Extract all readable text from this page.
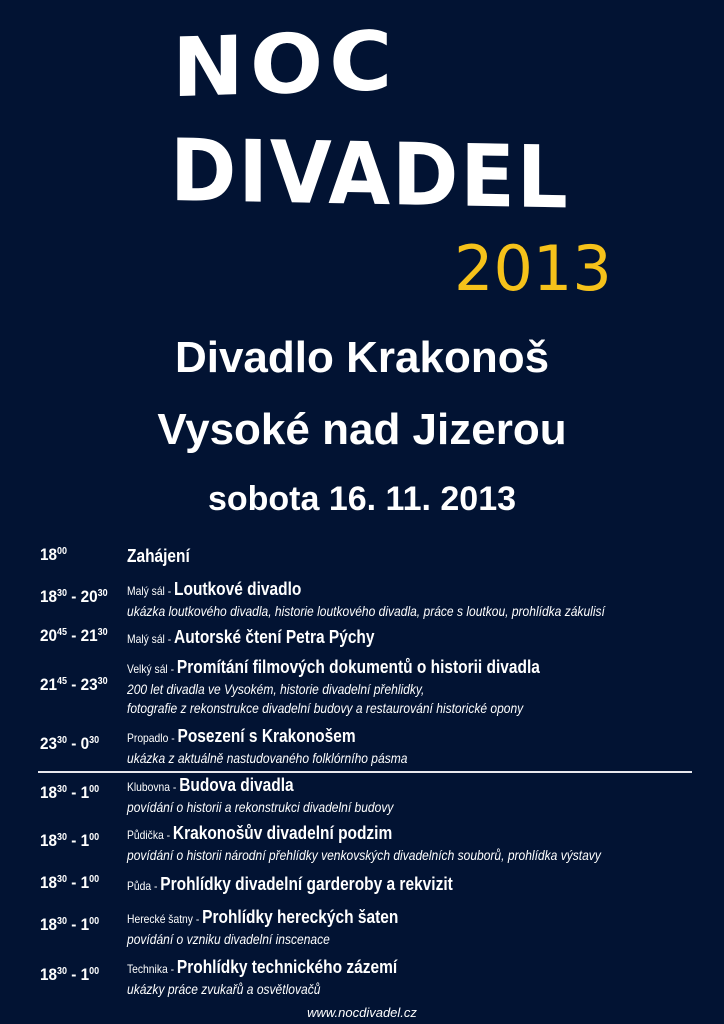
NOC
DIVADEL
2013
Divadlo Krakonoš
Vysoké nad Jizerou
sobota 16. 11. 2013
$18^{00}$	Zahájení
$18^{30} - 20^{30}$ Malý sál - Loutkové divadlo
ukázka loutkového divadla, historie loutkového divadla, práce s loutkou, prohlídka zákulisí
$20^{45} - 21^{30}$ Malý sál - Autorské čtení Petra Pýchy
$21^{45} - 23^{30}$
Velký sál - Promítání filmových dokumentů o historii divadla
200 let divadla ve Vysokém, historie divadelní přehlidky,
fotografie z rekonstrukce divadelní budovy a restaurování historické opony
$23^{30} - 0^{30}$ Propadlo - Posezení s Krakonošem
ukázka z aktuálně nastudovaného folklórního pásma
$18^{30} - 1^{00}$ Klubovna - Budova divadla
povídání o historii a rekonstrukci divadelní budovy
$18^{30} - 1^{00}$ Půdička - Krakonošův divadelní podzim
povídání o historii národní přehlídky venkovských divadelních souborů, prohlídka výstavy
$18^{30} - 1^{00}$ Půda - Prohlídky divadelní garderoby a rekvizit
$18^{30} - 1^{00}$ Herecké šatny - Prohlídky hereckých šaten
povídání o vzniku divadelní inscenace
$18^{30} - 1^{00}$ Technika - Prohlídky technického zázemí
ukázky práce zvukařů a osvětlovačů
www.nocdivadel.cz
